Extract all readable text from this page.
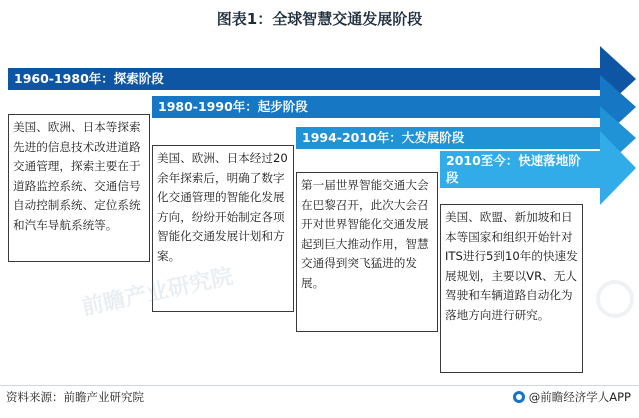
图表1：全球智慧交通发展阶段
1960-1980年：探索阶段
美国、欧洲、日本等探索先进的信息技术改进道路交通管理，探索主要在于道路监控系统、交通信号自动控制系统、定位系统和汽车导航系统等。
1980-1990年：起步阶段
美国、欧洲、日本经过20余年探索后，明确了数字化交通管理的智能化发展方向，纷纷开始制定各项智能化交通发展计划和方案。
1994-2010年：大发展阶段
第一届世界智能交通大会在巴黎召开，此次大会召开对世界智能化交通发展起到巨大推动作用，智慧交通得到突飞猛进的发展。
2010至今：快速落地阶段
美国、欧盟、新加坡和日本等国家和组织开始针对ITS进行5到10年的快速发展规划，主要以VR、无人驾驶和车辆道路自动化为落地方向进行研究。
资料来源：前瞻产业研究院	@前瞻经济学人APP
